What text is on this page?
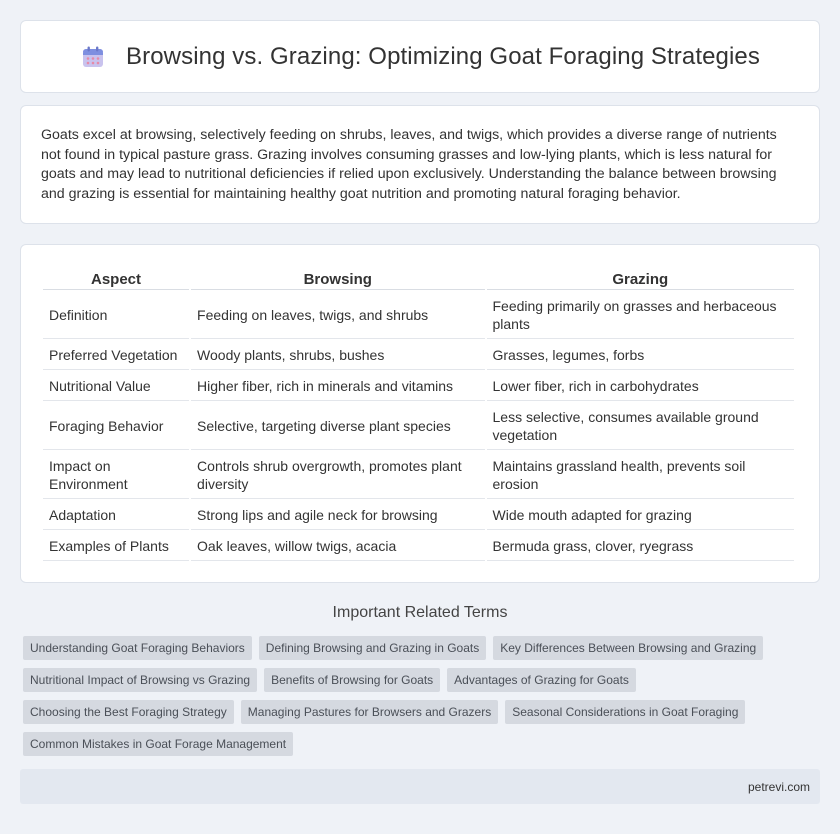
Browsing vs. Grazing: Optimizing Goat Foraging Strategies

Goats excel at browsing, selectively feeding on shrubs, leaves, and twigs, which provides a diverse range of nutrients not found in typical pasture grass. Grazing involves consuming grasses and low-lying plants, which is less natural for goats and may lead to nutritional deficiencies if relied upon exclusively. Understanding the balance between browsing and grazing is essential for maintaining healthy goat nutrition and promoting natural foraging behavior.

Aspect	Browsing	Grazing
Definition	Feeding on leaves, twigs, and shrubs	Feeding primarily on grasses and herbaceous plants
Preferred Vegetation	Woody plants, shrubs, bushes	Grasses, legumes, forbs
Nutritional Value	Higher fiber, rich in minerals and vitamins	Lower fiber, rich in carbohydrates
Foraging Behavior	Selective, targeting diverse plant species	Less selective, consumes available ground vegetation
Impact on Environment	Controls shrub overgrowth, promotes plant diversity	Maintains grassland health, prevents soil erosion
Adaptation	Strong lips and agile neck for browsing	Wide mouth adapted for grazing
Examples of Plants	Oak leaves, willow twigs, acacia	Bermuda grass, clover, ryegrass
Important Related Terms
Understanding Goat Foraging Behaviors	Defining Browsing and Grazing in Goats	Key Differences Between Browsing and Grazing
Nutritional Impact of Browsing vs Grazing	Benefits of Browsing for Goats	Advantages of Grazing for Goats
Choosing the Best Foraging Strategy	Managing Pastures for Browsers and Grazers	Seasonal Considerations in Goat Foraging
Common Mistakes in Goat Forage Management
petrevi.com
